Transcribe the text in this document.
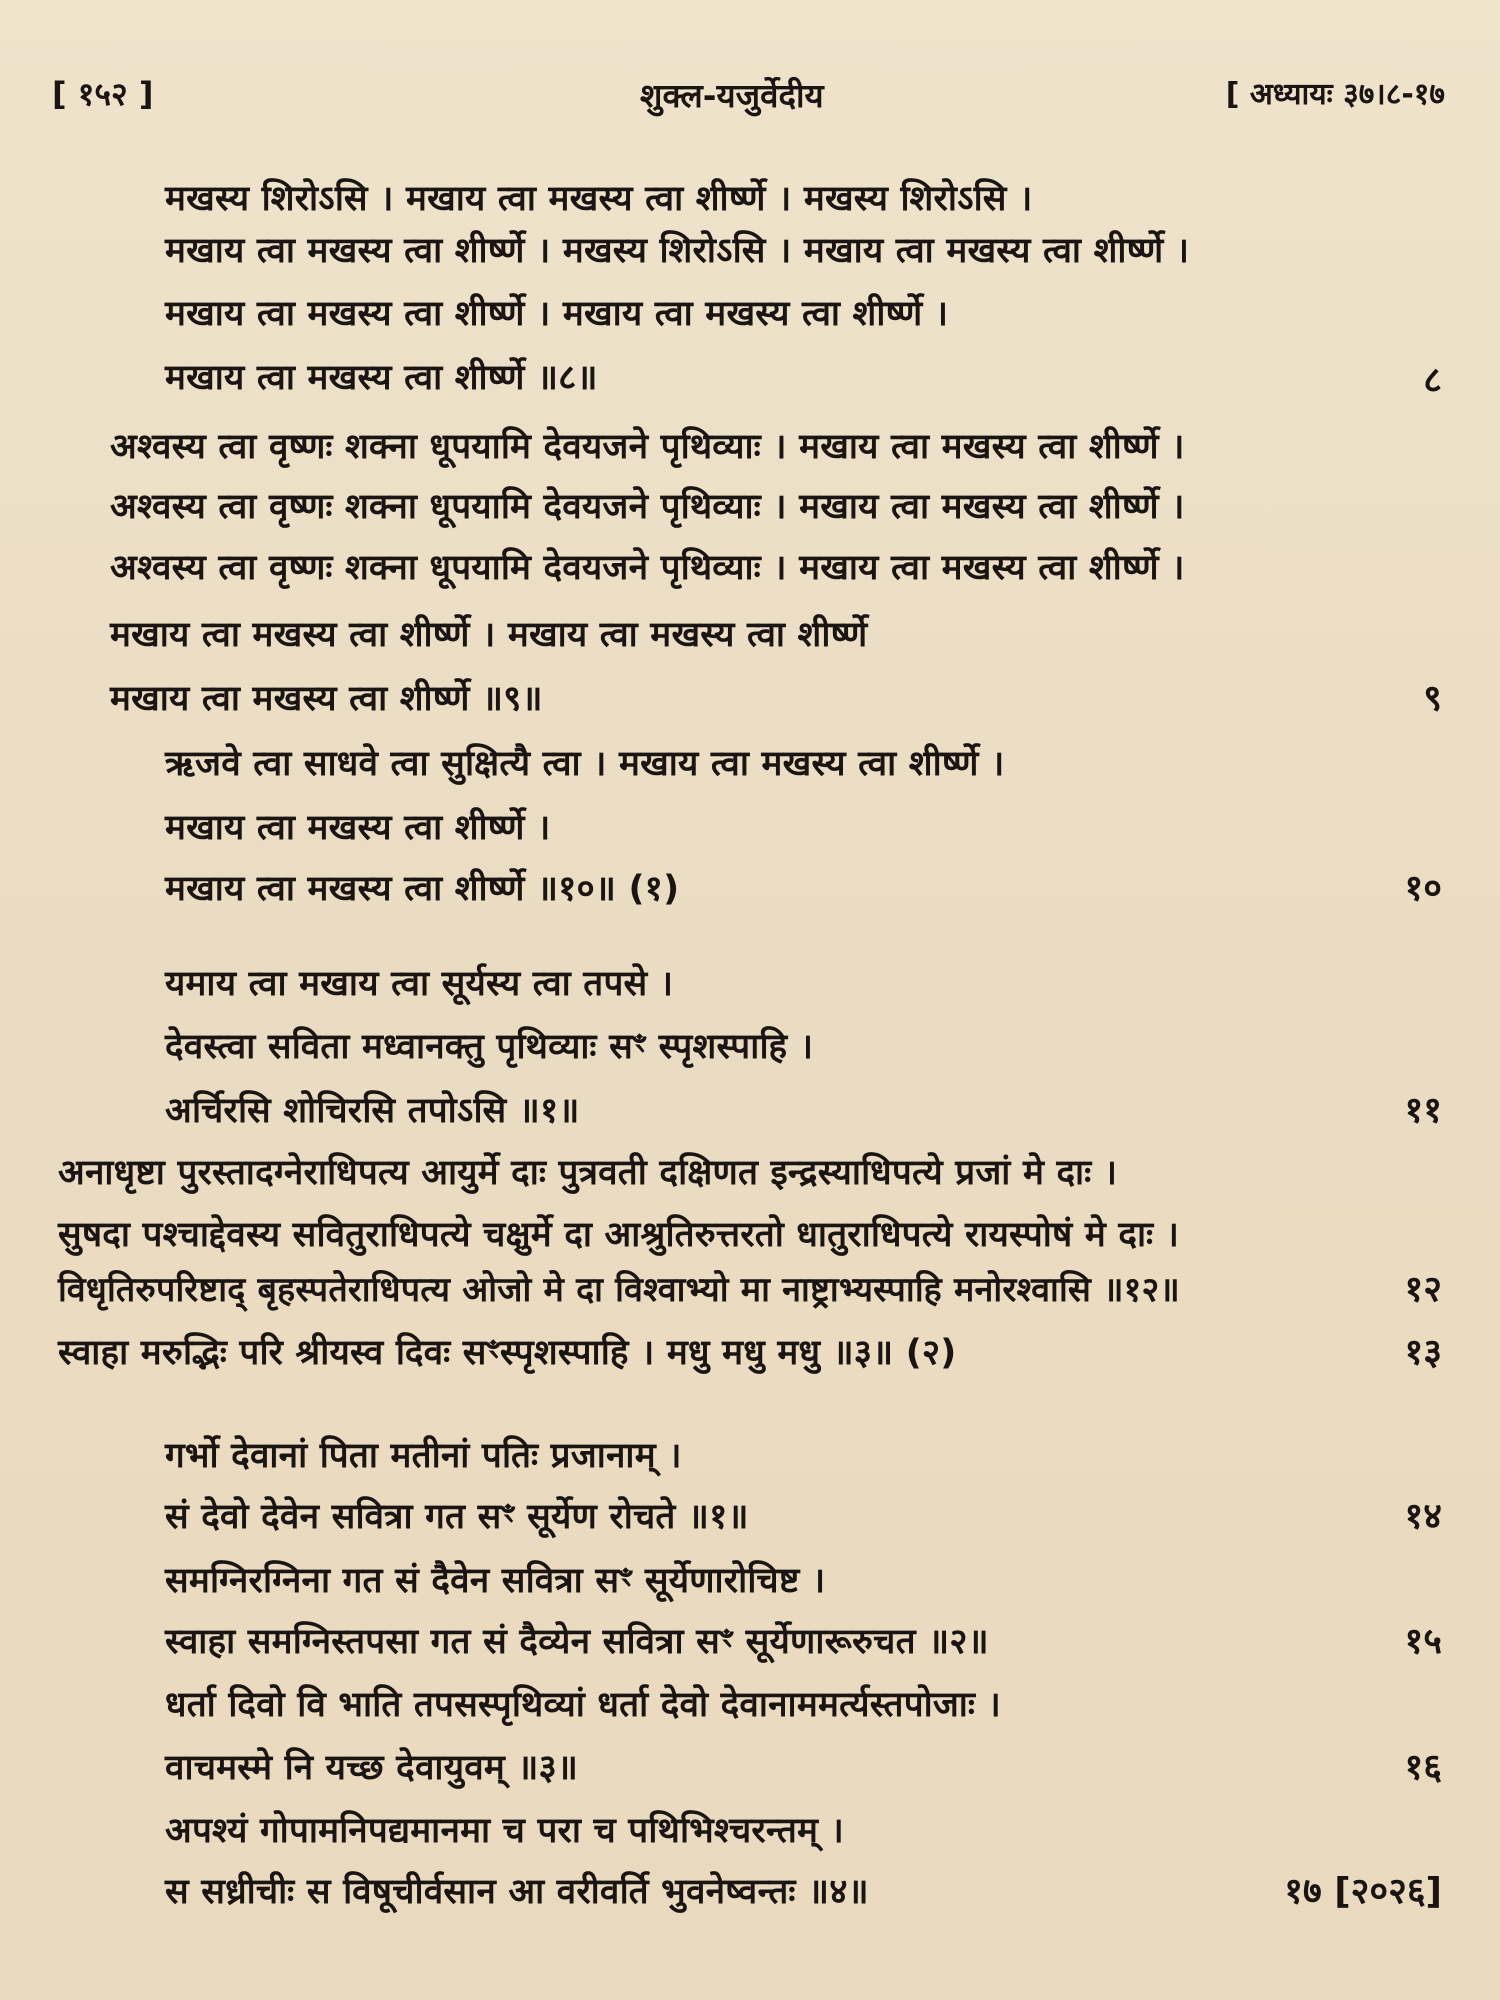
[ १५२ ]	शुक्ल-यजुर्वेदीय	[ अध्यायः ३७।८-१७
मखस्य शिरोऽसि । मखाय त्वा मखस्य त्वा शीर्ष्णे । मखस्य शिरोऽसि ।
मखाय त्वा मखस्य त्वा शीर्ष्णे । मखस्य शिरोऽसि । मखाय त्वा मखस्य त्वा शीर्ष्णे ।
मखाय त्वा मखस्य त्वा शीर्ष्णे । मखाय त्वा मखस्य त्वा शीर्ष्णे ।
मखाय त्वा मखस्य त्वा शीर्ष्णे ॥८॥	८
अश्वस्य त्वा वृष्णः शक्ना धूपयामि देवयजने पृथिव्याः । मखाय त्वा मखस्य त्वा शीर्ष्णे ।
अश्वस्य त्वा वृष्णः शक्ना धूपयामि देवयजने पृथिव्याः । मखाय त्वा मखस्य त्वा शीर्ष्णे ।
अश्वस्य त्वा वृष्णः शक्ना धूपयामि देवयजने पृथिव्याः । मखाय त्वा मखस्य त्वा शीर्ष्णे ।
मखाय त्वा मखस्य त्वा शीर्ष्णे । मखाय त्वा मखस्य त्वा शीर्ष्णे
मखाय त्वा मखस्य त्वा शीर्ष्णे ॥९॥	९
ऋजवे त्वा साधवे त्वा सुक्षित्यै त्वा । मखाय त्वा मखस्य त्वा शीर्ष्णे ।
मखाय त्वा मखस्य त्वा शीर्ष्णे ।
मखाय त्वा मखस्य त्वा शीर्ष्णे ॥१०॥ (१)	१०
यमाय त्वा मखाय त्वा सूर्यस्य त्वा तपसे ।
देवस्त्वा सविता मध्वानक्तु पृथिव्याः सꣳ स्पृशस्पाहि ।
अर्चिरसि शोचिरसि तपोऽसि ॥१॥	११
अनाधृष्टा पुरस्तादग्नेराधिपत्य आयुर्मे दाः पुत्रवती दक्षिणत इन्द्रस्याधिपत्ये प्रजां मे दाः ।
सुषदा पश्चाद्देवस्य सवितुराधिपत्ये चक्षुर्मे दा आश्रुतिरुत्तरतो धातुराधिपत्ये रायस्पोषं मे दाः ।
विधृतिरुपरिष्टाद् बृहस्पतेराधिपत्य ओजो मे दा विश्वाभ्यो मा नाष्ट्राभ्यस्पाहि मनोरश्वासि ॥१२॥	१२
स्वाहा मरुद्भिः परि श्रीयस्व दिवः सꣳस्पृशस्पाहि । मधु मधु मधु ॥३॥ (२)	१३
गर्भो देवानां पिता मतीनां पतिः प्रजानाम् ।
सं देवो देवेन सवित्रा गत सꣳ सूर्येण रोचते ॥१॥	१४
समग्निरग्निना गत सं दैवेन सवित्रा सꣳ सूर्येणारोचिष्ट ।
स्वाहा समग्निस्तपसा गत सं दैव्येन सवित्रा सꣳ सूर्येणारूरुचत ॥२॥	१५
धर्ता दिवो वि भाति तपसस्पृथिव्यां धर्ता देवो देवानाममर्त्यस्तपोजाः ।
वाचमस्मे नि यच्छ देवायुवम् ॥३॥	१६
अपश्यं गोपामनिपद्यमानमा च परा च पथिभिश्चरन्तम् ।
स सध्रीचीः स विषूचीर्वसान आ वरीवर्ति भुवनेष्वन्तः ॥४॥	१७ [२०२६]
